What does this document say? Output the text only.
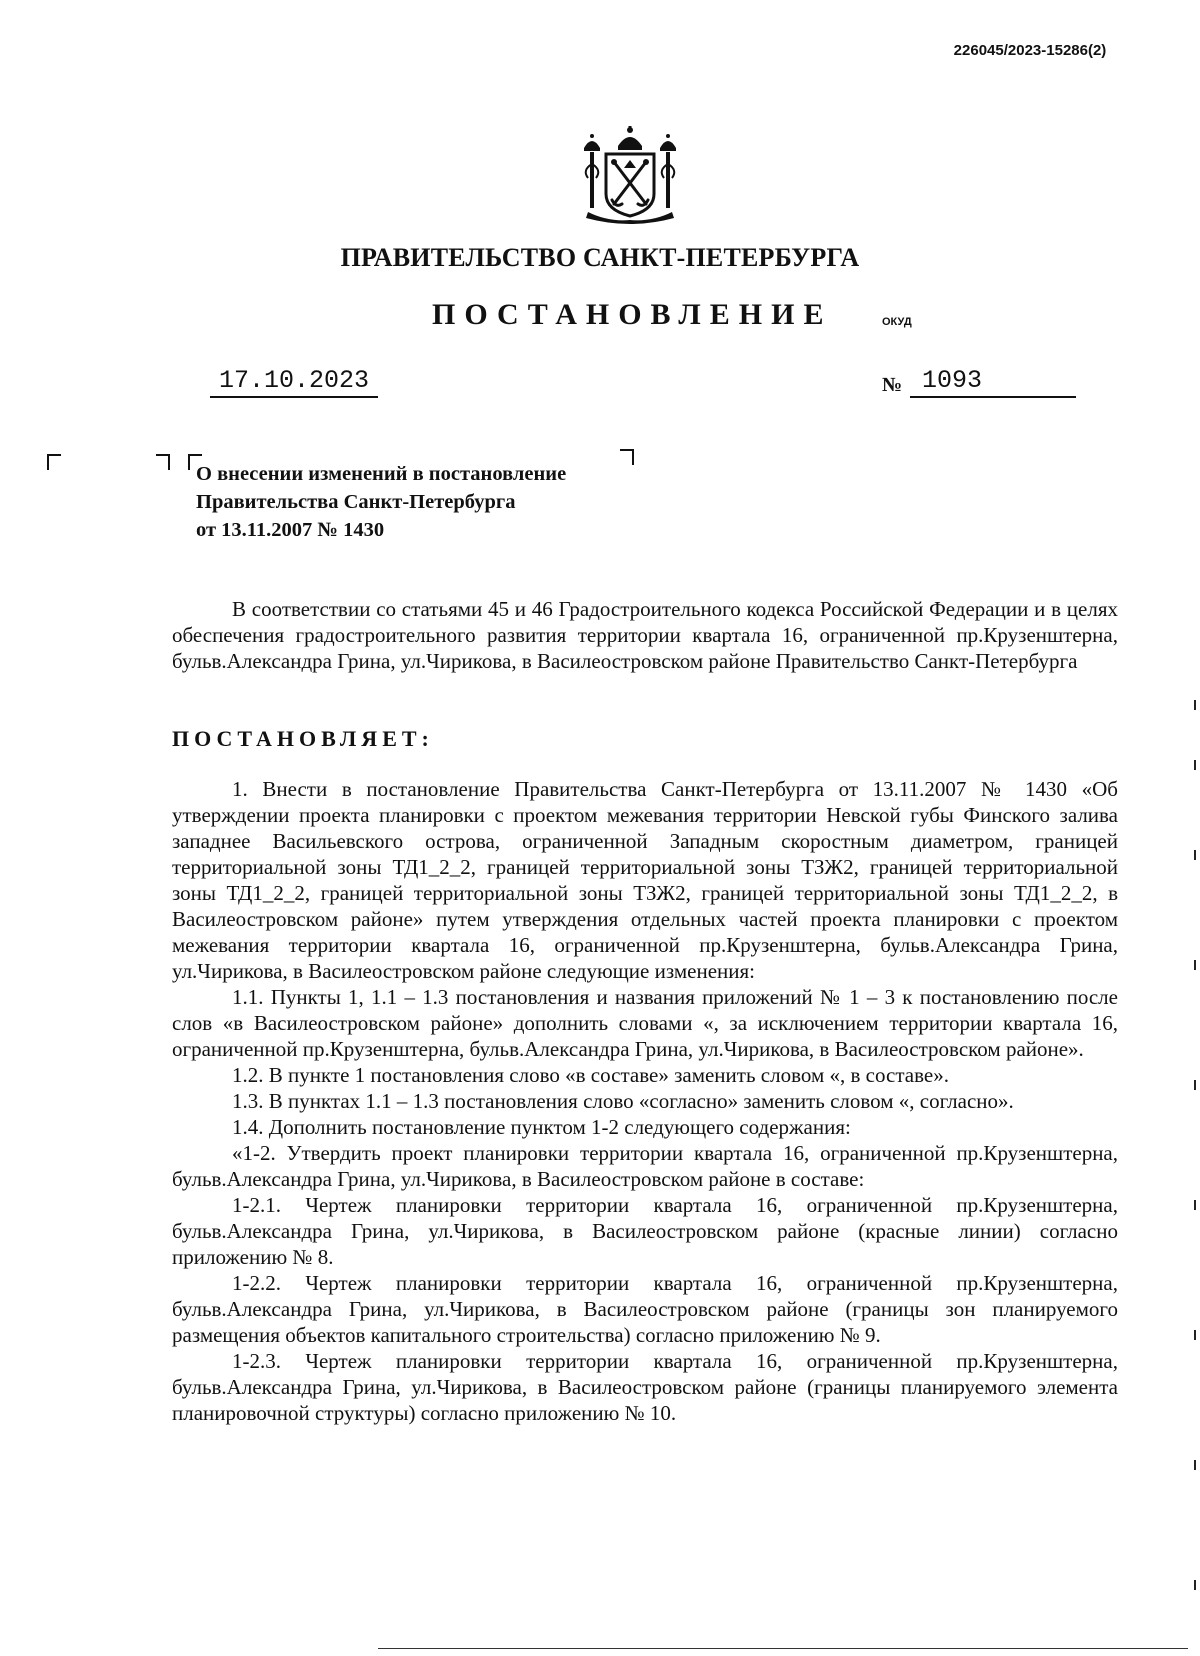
226045/2023-15286(2)
ПРАВИТЕЛЬСТВО САНКТ-ПЕТЕРБУРГА
ПОСТАНОВЛЕНИЕ	ОКУД
17.10.2023	№ 1093
О внесении изменений в постановление
Правительства Санкт-Петербурга
от 13.11.2007 № 1430

В соответствии со статьями 45 и 46 Градостроительного кодекса Российской Федерации и в целях обеспечения градостроительного развития территории квартала 16, ограниченной пр.Крузенштерна, бульв.Александра Грина, ул.Чирикова, в Василеостровском районе Правительство Санкт-Петербурга

ПОСТАНОВЛЯЕТ:

1. Внести в постановление Правительства Санкт-Петербурга от 13.11.2007 № 1430 «Об утверждении проекта планировки с проектом межевания территории Невской губы Финского залива западнее Васильевского острова, ограниченной Западным скоростным диаметром, границей территориальной зоны ТД1_2_2, границей территориальной зоны ТЗЖ2, границей территориальной зоны ТД1_2_2, границей территориальной зоны ТЗЖ2, границей территориальной зоны ТД1_2_2, в Василеостровском районе» путем утверждения отдельных частей проекта планировки с проектом межевания территории квартала 16, ограниченной пр.Крузенштерна, бульв.Александра Грина, ул.Чирикова, в Василеостровском районе следующие изменения:

1.1. Пункты 1, 1.1 – 1.3 постановления и названия приложений № 1 – 3 к постановлению после слов «в Василеостровском районе» дополнить словами «, за исключением территории квартала 16, ограниченной пр.Крузенштерна, бульв.Александра Грина, ул.Чирикова, в Василеостровском районе».

1.2. В пункте 1 постановления слово «в составе» заменить словом «, в составе».

1.3. В пунктах 1.1 – 1.3 постановления слово «согласно» заменить словом «, согласно».

1.4. Дополнить постановление пунктом 1-2 следующего содержания:

«1-2. Утвердить проект планировки территории квартала 16, ограниченной пр.Крузенштерна, бульв.Александра Грина, ул.Чирикова, в Василеостровском районе в составе:

1-2.1. Чертеж планировки территории квартала 16, ограниченной пр.Крузенштерна, бульв.Александра Грина, ул.Чирикова, в Василеостровском районе (красные линии) согласно приложению № 8.

1-2.2. Чертеж планировки территории квартала 16, ограниченной пр.Крузенштерна, бульв.Александра Грина, ул.Чирикова, в Василеостровском районе (границы зон планируемого размещения объектов капитального строительства) согласно приложению № 9.

1-2.3. Чертеж планировки территории квартала 16, ограниченной пр.Крузенштерна, бульв.Александра Грина, ул.Чирикова, в Василеостровском районе (границы планируемого элемента планировочной структуры) согласно приложению № 10.
